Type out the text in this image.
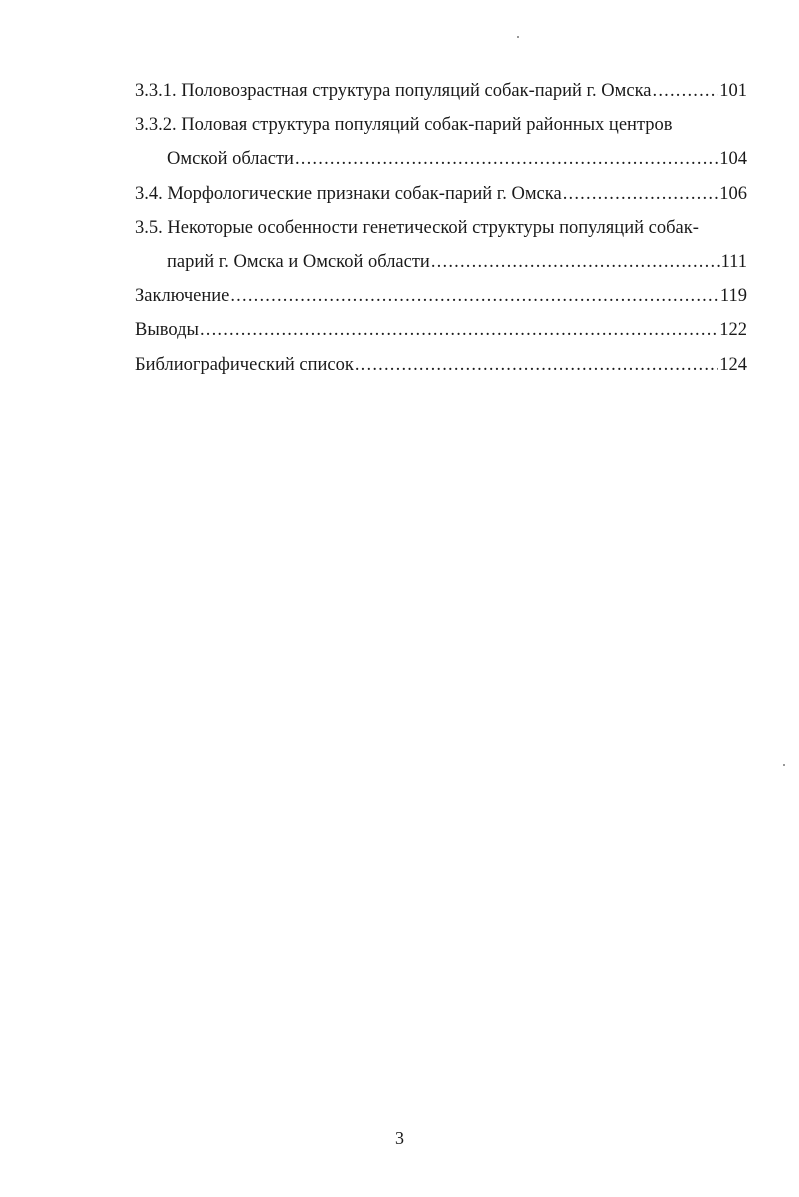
3.3.1. Половозрастная структура популяций собак-парий г. Омска .....	101
3.3.2. Половая структура популяций собак-парий районных центров
Омской области .....	104
3.4. Морфологические признаки собак-парий г. Омска .....	106
3.5. Некоторые особенности генетической структуры популяций собак-
парий г. Омска и Омской области .....	111
Заключение .....	119
Выводы .....	122
Библиографический список .....	124
3
